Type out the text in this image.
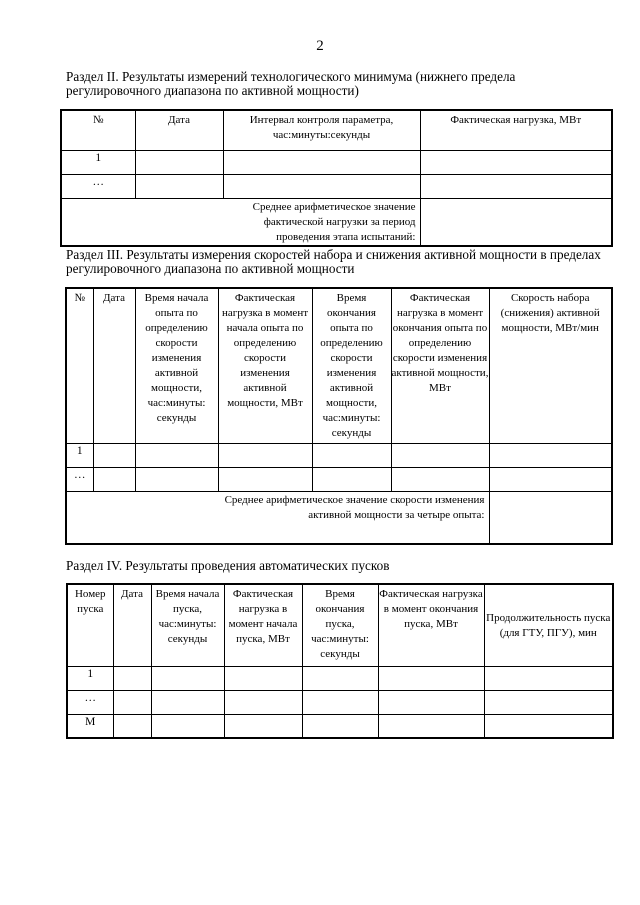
2
Раздел II. Результаты измерений технологического минимума (нижнего предела регулировочного диапазона по активной мощности)
№	Дата	Интервал контроля параметра, час:минуты:секунды	Фактическая нагрузка, МВт
1			
…			

Среднее арифметическое значение фактической нагрузки за период проведения этапа испытаний:			

Раздел III. Результаты измерения скоростей набора и снижения активной мощности в пределах регулировочного диапазона по активной мощности
№	Дата	Время начала опыта по определению скорости изменения активной мощности, час:минуты: секунды	Фактическая нагрузка в момент начала опыта по определению скорости изменения активной мощности, МВт	Время окончания опыта по определению скорости изменения активной мощности, час:минуты: секунды	Фактическая нагрузка в момент окончания опыта по определению скорости изменения активной мощности, МВт	Скорость набора (снижения) активной мощности, МВт/мин
1						
…						

Среднее арифметическое значение скорости изменения активной мощности за четыре опыта:						

Раздел IV. Результаты проведения автоматических пусков
Номер пуска	Дата	Время начала пуска, час:минуты: секунды	Фактическая нагрузка в момент начала пуска, МВт	Время окончания пуска, час:минуты: секунды	Фактическая нагрузка в момент окончания пуска, МВт	Продолжительность пуска (для ГТУ, ПГУ), мин
1						
…						
М						
